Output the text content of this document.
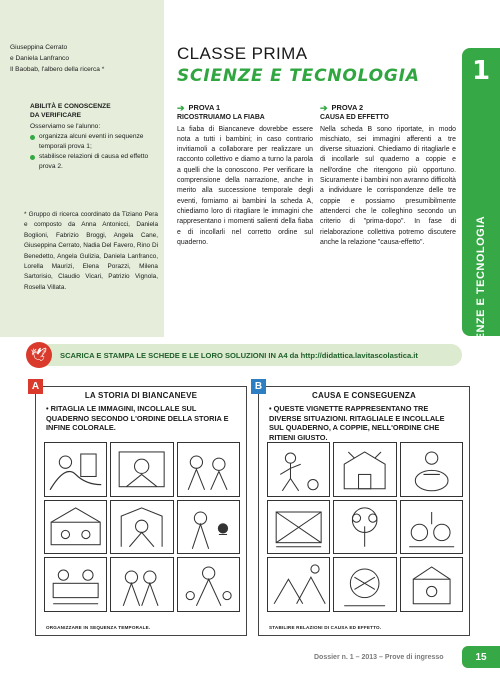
Giuseppina Cerrato
e Daniela Lanfranco
Il Baobab, l'albero della ricerca *
ABILITÀ E CONOSCENZE
DA VERIFICARE
Osserviamo se l'alunno:
organizza alcuni eventi in sequenze temporali prova 1;
stabilisce relazioni di causa ed effetto prova 2.
* Gruppo di ricerca coordinato da Tiziano Pera e composto da Anna Antonicci, Daniela Boglioni, Fabrizio Broggi, Angela Cane, Giuseppina Cerrato, Nadia Del Favero, Rino Di Benedetto, Angela Gulizia, Daniela Lanfranco, Lorella Maurizi, Elena Porazzi, Milena Sartorisio, Claudio Vicari, Patrizio Vignola, Rosella Villata.
CLASSE PRIMA
SCIENZE E TECNOLOGIA	1
SCIENZE E TECNOLOGIA
➔ PROVA 1
RICOSTRUIAMO LA FIABA
La fiaba di Biancaneve dovrebbe essere nota a tutti i bambini; in caso contrario invitiamoli a collaborare per realizzare un racconto collettivo e diamo a turno la parola a quelli che la conoscono. Per verificare la comprensione della narrazione, anche in merito alla successione temporale degli eventi, forniamo ai bambini la scheda A, chiediamo loro di ritagliare le immagini che rappresentano i momenti salienti della fiaba e di incollarli nel corretto ordine sul quaderno.
➔ PROVA 2
CAUSA ED EFFETTO
Nella scheda B sono riportate, in modo mischiato, sei immagini afferenti a tre diverse situazioni. Chiediamo di ritagliarle e di incollarle sul quaderno a coppie e nell'ordine che ritengono più opportuno. Sicuramente i bambini non avranno difficoltà a individuare le corrispondenze delle tre coppie e possiamo presumibilmente attenderci che le colleghino secondo un criterio di "prima-dopo". In fase di rielaborazione collettiva potremo discutere anche la relazione "causa-effetto".
🕊	SCARICA E STAMPA LE SCHEDE E LE LORO SOLUZIONI IN A4 da http://didattica.lavitascolastica.it
A
LA STORIA DI BIANCANEVE
• RITAGLIA LE IMMAGINI, INCOLLALE SUL QUADERNO SECONDO L'ORDINE DELLA STORIA E INFINE COLORALE.
ORGANIZZARE IN SEQUENZA TEMPORALE.
B
CAUSA E CONSEGUENZA
• QUESTE VIGNETTE RAPPRESENTANO TRE DIVERSE SITUAZIONI. RITAGLIALE E INCOLLALE SUL QUADERNO, A COPPIE, NELL'ORDINE CHE RITIENI GIUSTO.
STABILIRE RELAZIONI DI CAUSA ED EFFETTO.
Dossier n. 1 – 2013 – Prove di ingresso	15
